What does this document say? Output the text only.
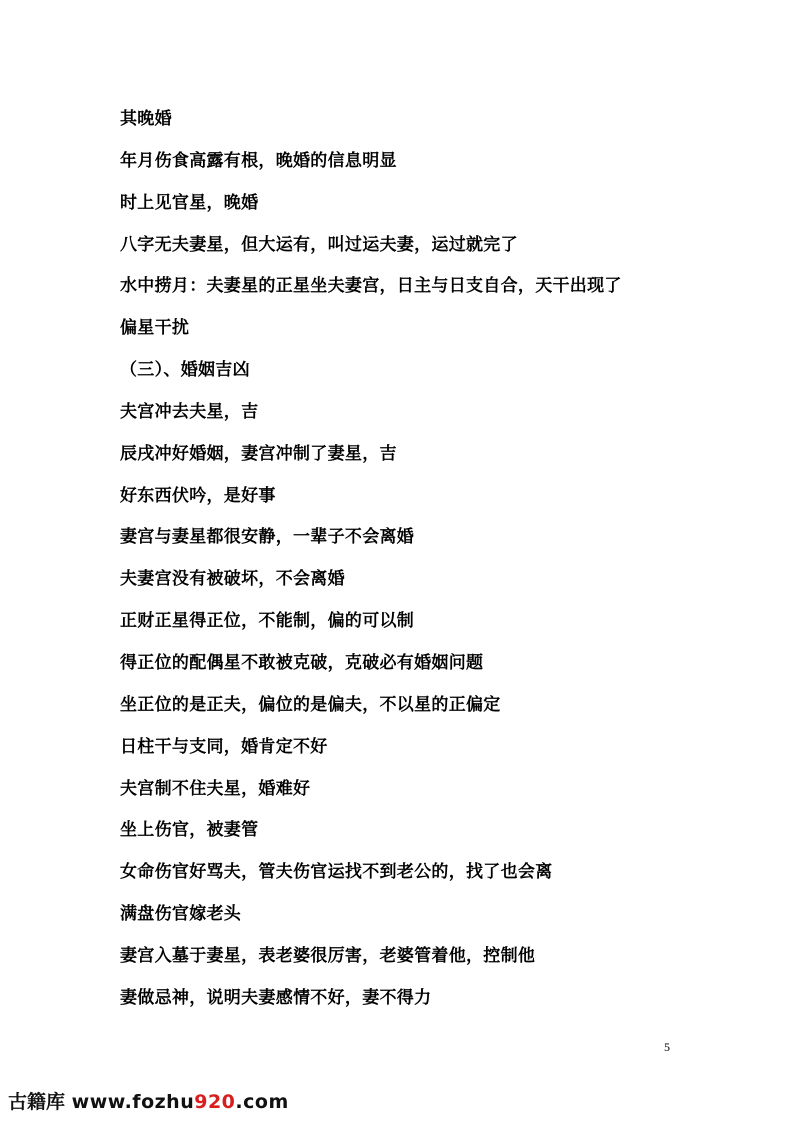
其晚婚
年月伤食高露有根，晚婚的信息明显
时上见官星，晚婚
八字无夫妻星，但大运有，叫过运夫妻，运过就完了
水中捞月：夫妻星的正星坐夫妻宫，日主与日支自合，天干出现了
偏星干扰
（三）、婚姻吉凶
夫宫冲去夫星，吉
辰戌冲好婚姻，妻宫冲制了妻星，吉
好东西伏吟，是好事
妻宫与妻星都很安静，一辈子不会离婚
夫妻宫没有被破坏，不会离婚
正财正星得正位，不能制，偏的可以制
得正位的配偶星不敢被克破，克破必有婚姻问题
坐正位的是正夫，偏位的是偏夫，不以星的正偏定
日柱干与支同，婚肯定不好
夫宫制不住夫星，婚难好
坐上伤官，被妻管
女命伤官好骂夫，管夫伤官运找不到老公的，找了也会离
满盘伤官嫁老头
妻宫入墓于妻星，表老婆很厉害，老婆管着他，控制他
妻做忌神，说明夫妻感情不好，妻不得力
5
古籍库 www.fozhu920.com
